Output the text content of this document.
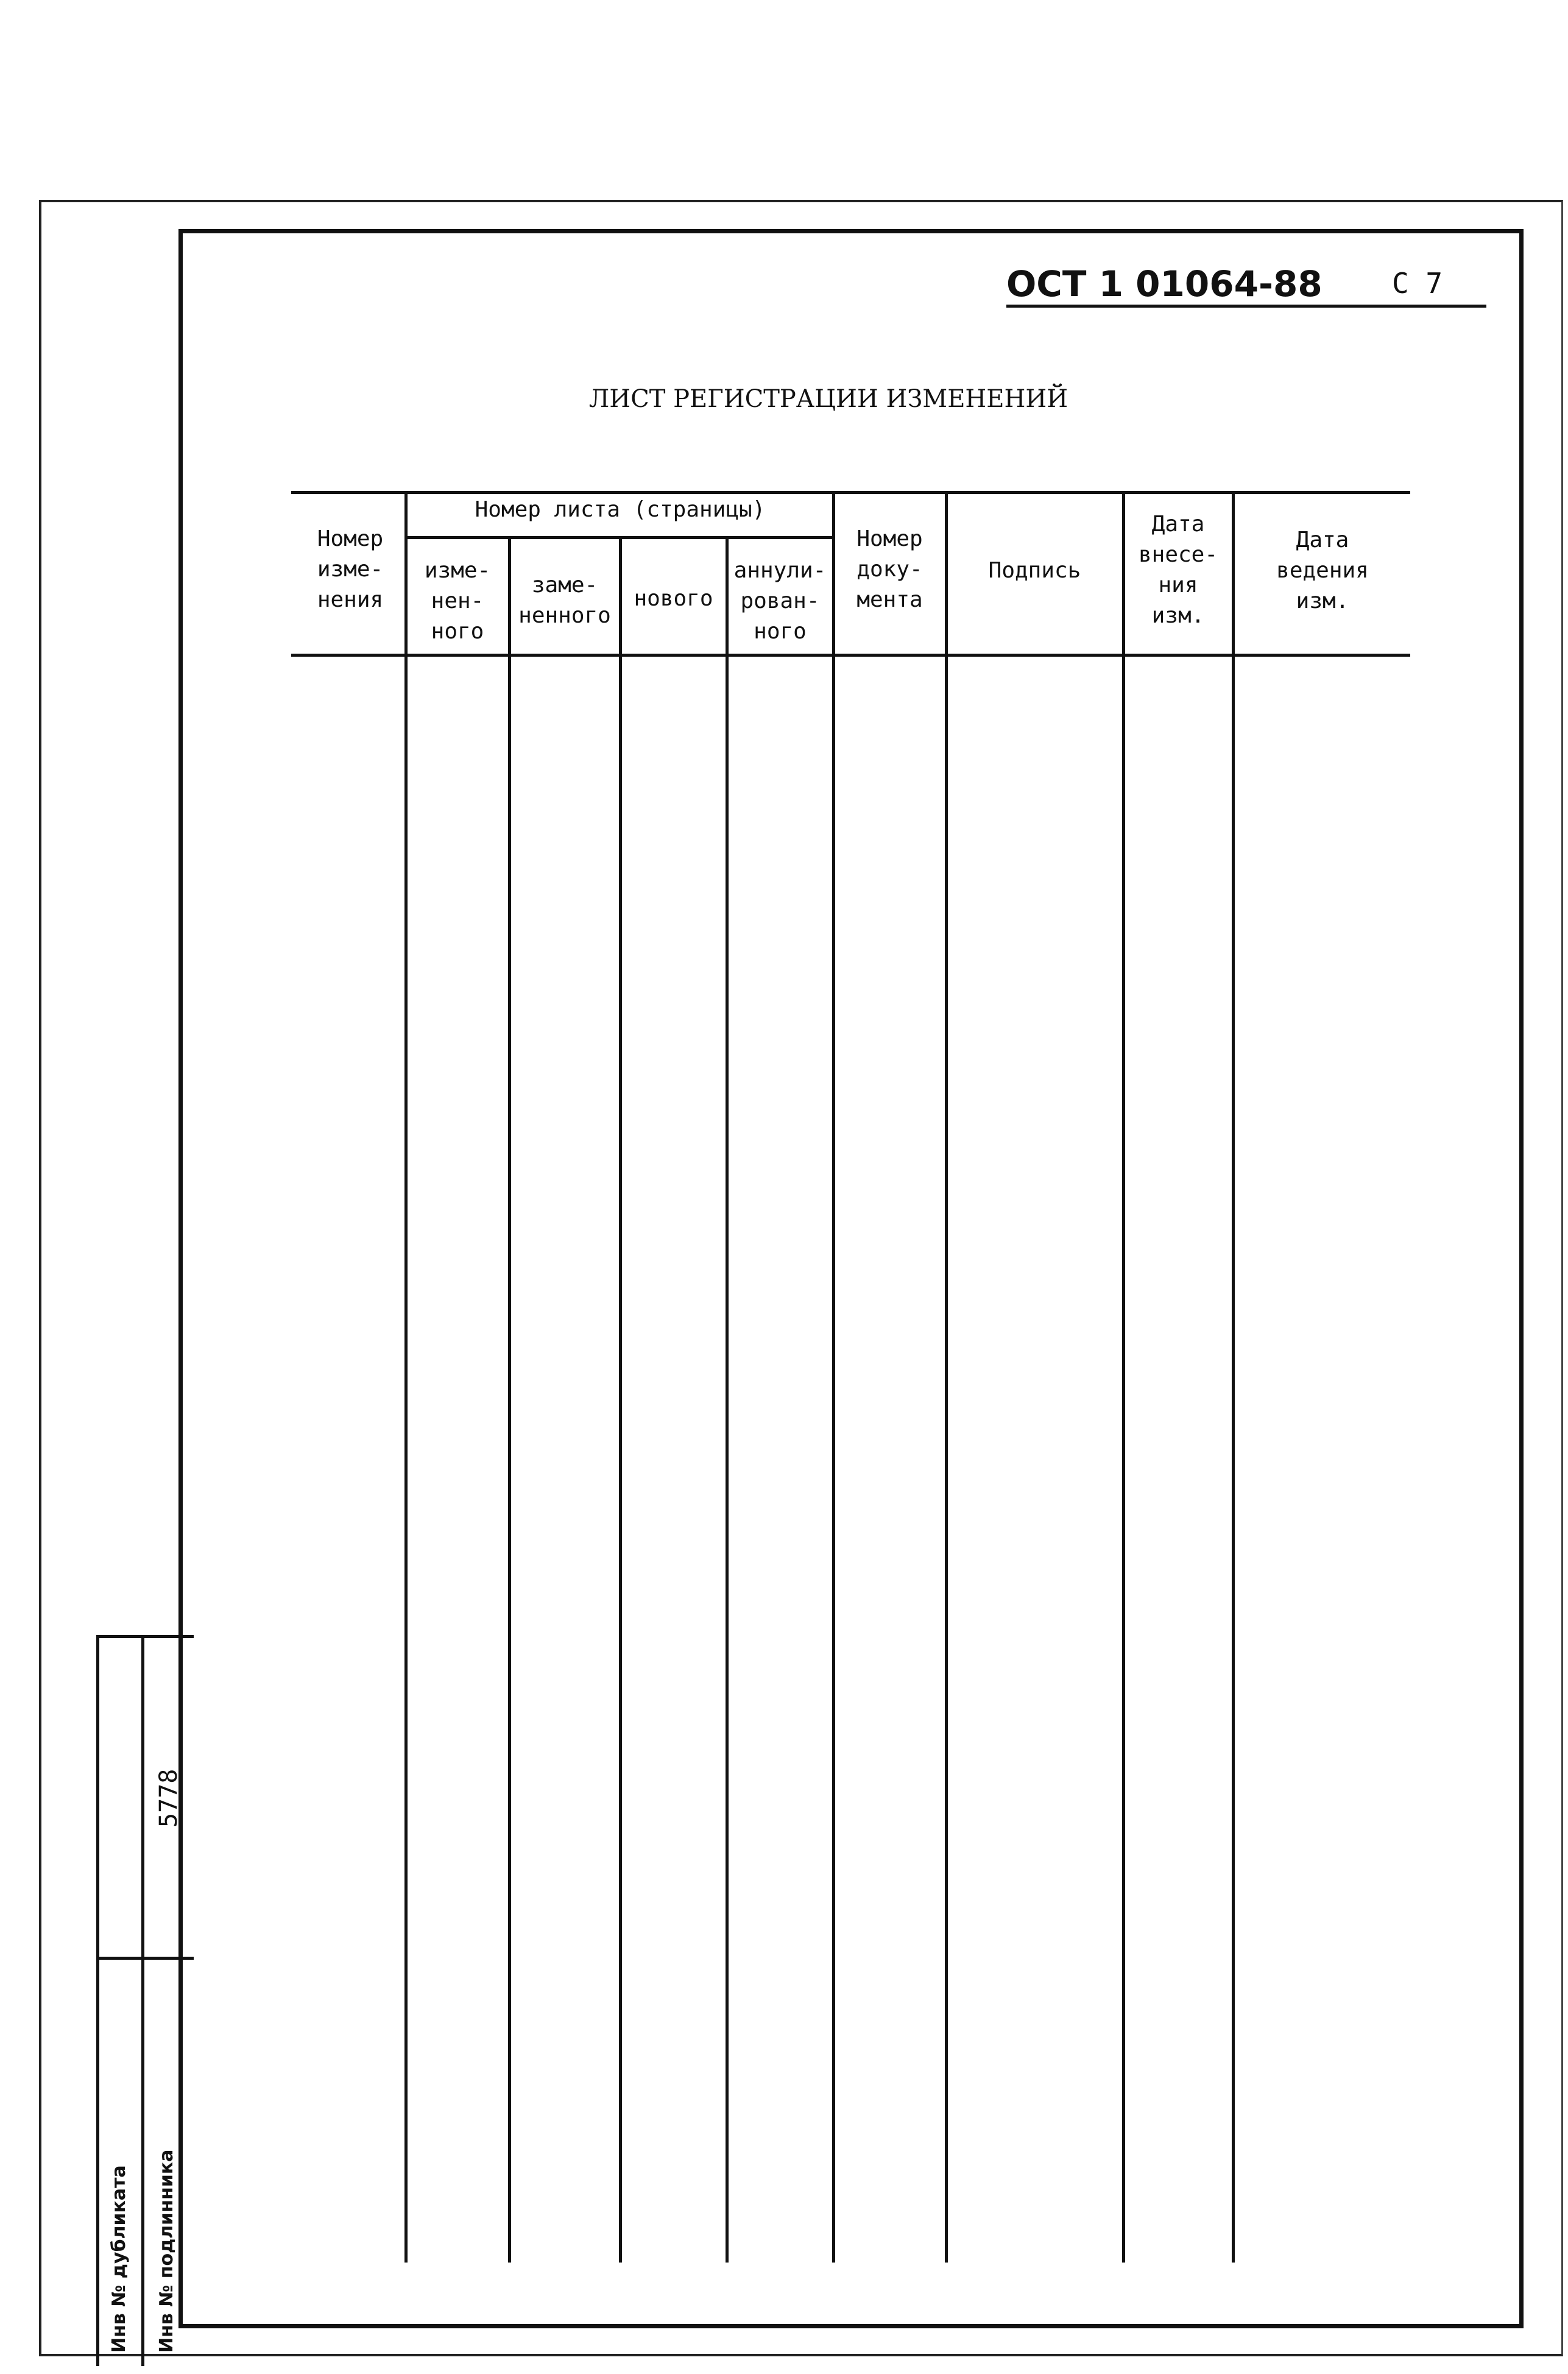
ОСТ 1 01064-88 С 7
ЛИСТ РЕГИСТРАЦИИ ИЗМЕНЕНИЙ
Номер
изме-
нения
Номер листа (страницы)
изме-
нен-
ного
заме-
ненного
нового
аннули-
рован-
ного
Номер
доку-
мента
Подпись
Дата
внесе-
ния
изм.
Дата
ведения
изм.
Инв № дубликата Инв № подлинника
5778
